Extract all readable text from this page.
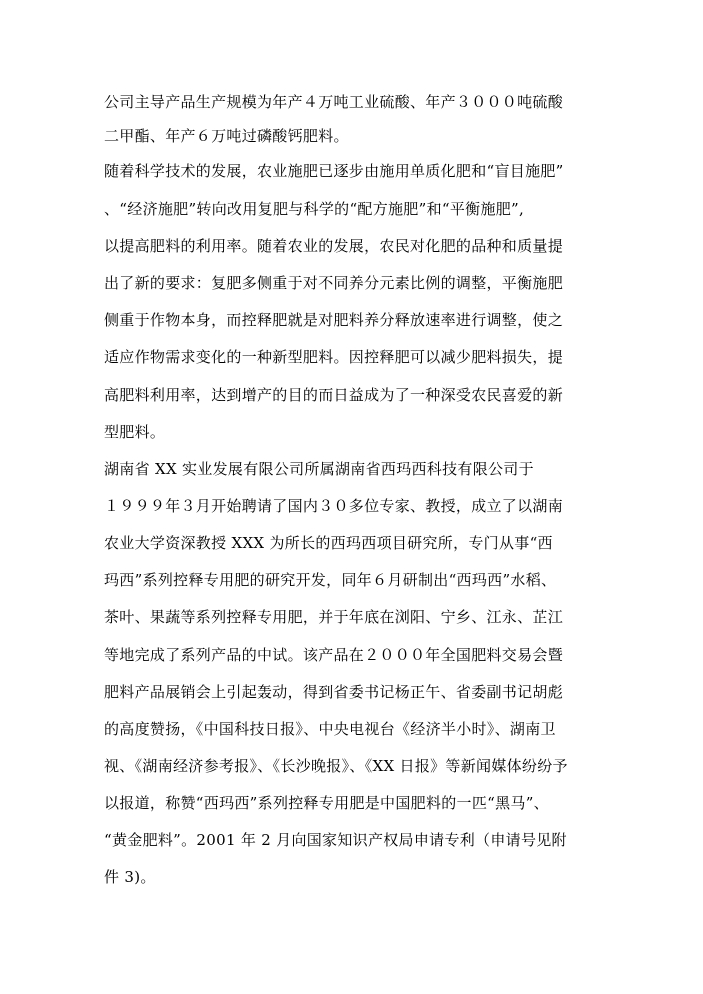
公司主导产品生产规模为年产４万吨工业硫酸、年产３０００吨硫酸
二甲酯、年产６万吨过磷酸钙肥料。
随着科学技术的发展，农业施肥已逐步由施用单质化肥和“盲目施肥”
、“经济施肥”转向改用复肥与科学的“配方施肥”和“平衡施肥”,
以提高肥料的利用率。随着农业的发展，农民对化肥的品种和质量提
出了新的要求：复肥多侧重于对不同养分元素比例的调整，平衡施肥
侧重于作物本身，而控释肥就是对肥料养分释放速率进行调整，使之
适应作物需求变化的一种新型肥料。因控释肥可以减少肥料损失，提
高肥料利用率，达到增产的目的而日益成为了一种深受农民喜爱的新
型肥料。
湖南省 XX 实业发展有限公司所属湖南省西玛西科技有限公司于
１９９９年３月开始聘请了国内３０多位专家、教授，成立了以湖南
农业大学资深教授 XXX 为所长的西玛西项目研究所，专门从事“西
玛西”系列控释专用肥的研究开发，同年６月研制出“西玛西”水稻、
茶叶、果蔬等系列控释专用肥，并于年底在浏阳、宁乡、江永、芷江
等地完成了系列产品的中试。该产品在２０００年全国肥料交易会暨
肥料产品展销会上引起轰动，得到省委书记杨正午、省委副书记胡彪
的高度赞扬，《中国科技日报》、中央电视台《经济半小时》、湖南卫
视、《湖南经济参考报》、《长沙晚报》、《XX 日报》等新闻媒体纷纷予
以报道，称赞“西玛西”系列控释专用肥是中国肥料的一匹“黑马”、
“黄金肥料”。2001 年 2 月向国家知识产权局申请专利（申请号见附
件 3)。
